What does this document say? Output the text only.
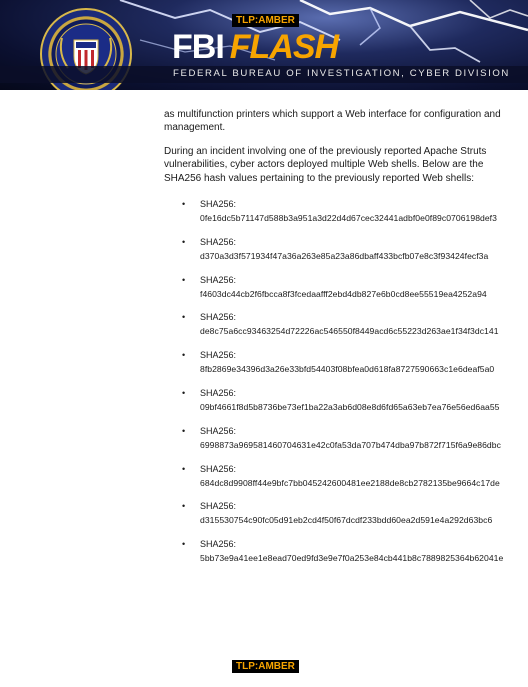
TLP:AMBER
FBI FLASH
FEDERAL BUREAU OF INVESTIGATION, CYBER DIVISION

as multifunction printers which support a Web interface for configuration and management.

During an incident involving one of the previously reported Apache Struts vulnerabilities, cyber actors deployed multiple Web shells. Below are the SHA256 hash values pertaining to the previously reported Web shells:

• SHA256:
0fe16dc5b71147d588b3a951a3d22d4d67cec32441adbf0e0f89c0706198def3
• SHA256:
d370a3d3f571934f47a36a263e85a23a86dbaff433bcfb07e8c3f93424fecf3a
• SHA256:
f4603dc44cb2f6fbcca8f3fcedaafff2ebd4db827e6b0cd8ee55519ea4252a94
• SHA256:
de8c75a6cc93463254d72226ac546550f8449acd6c55223d263ae1f34f3dc141
• SHA256:
8fb2869e34396d3a26e33bfd54403f08bfea0d618fa8727590663c1e6deaf5a0
• SHA256:
09bf4661f8d5b8736be73ef1ba22a3ab6d08e8d6fd65a63eb7ea76e56ed6aa55
• SHA256:
6998873a969581460704631e42c0fa53da707b474dba97b872f715f6a9e86dbc
• SHA256:
684dc8d9908ff44e9bfc7bb045242600481ee2188de8cb2782135be9664c17de
• SHA256:
d315530754c90fc05d91eb2cd4f50f67dcdf233bdd60ea2d591e4a292d63bc6
• SHA256:
5bb73e9a41ee1e8ead70ed9fd3e9e7f0a253e84cb441b8c7889825364b62041e
TLP:AMBER
